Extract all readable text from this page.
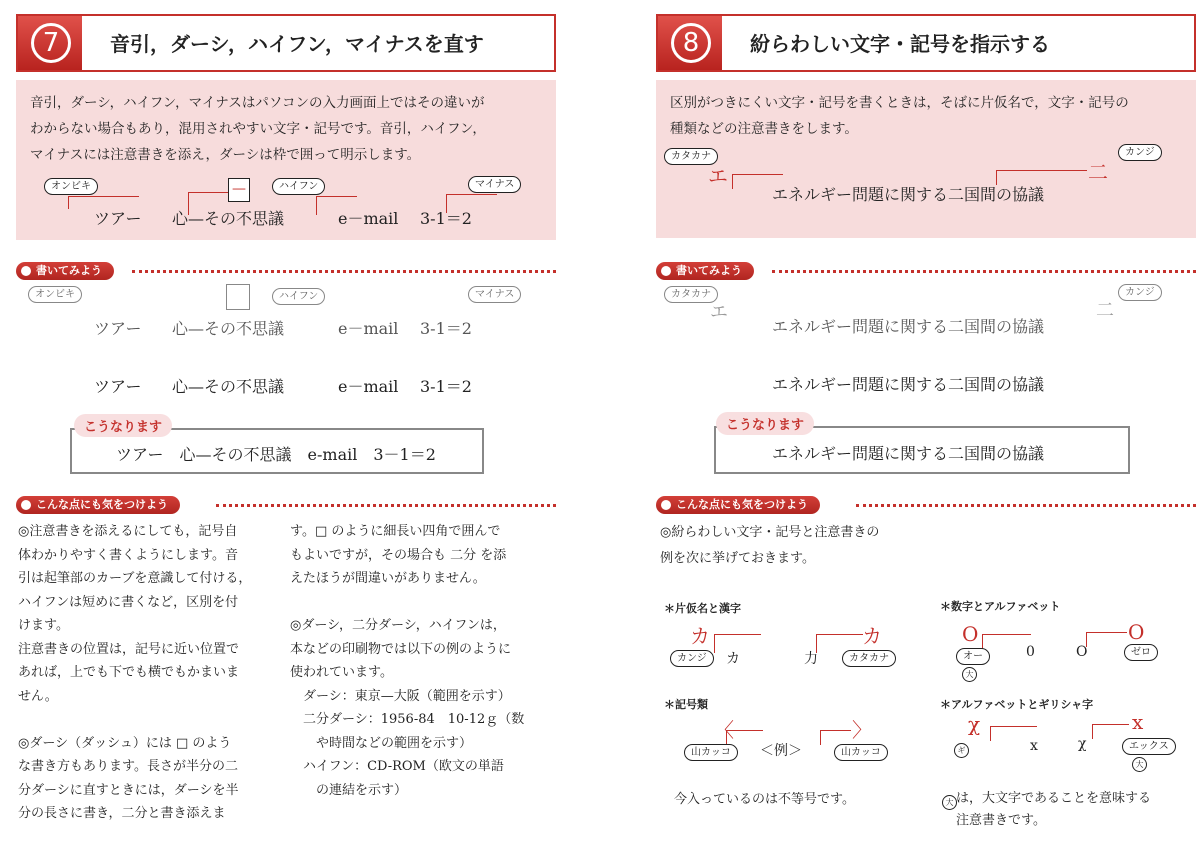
7	音引，ダーシ，ハイフン，マイナスを直す

音引，ダーシ，ハイフン，マイナスはパソコンの入力画面上ではその違いが
わからない場合もあり，混用されやすい文字・記号です。音引，ハイフン，
マイナスには注意書きを添え，ダーシは枠で囲って明示します。

オンビキ	—	ハイフン	マイナス
ツアー 心—その不思議	e－mail 3-1＝2
書いてみよう
オンビキ	ハイフン	マイナス
ツアー 心—その不思議	e－mail 3-1＝2
ツアー 心—その不思議	e－mail 3-1＝2
ツアー　心—その不思議　e-mail　3－1＝2
こうなります
こんな点にも気をつけよう
◎注意書きを添えるにしても，記号自
体わかりやすく書くようにします。音
引は起筆部のカーブを意識して付ける，
ハイフンは短めに書くなど，区別を付
けます。
注意書きの位置は，記号に近い位置で
あれば，上でも下でも横でもかまいま
せん。

◎ダーシ（ダッシュ）には □ のよう
な書き方もあります。長さが半分の二
分ダーシに直すときには，ダーシを半
分の長さに書き，二分と書き添えま
す。□ のように細長い四角で囲んで
もよいですが，その場合も 二分 を添
えたほうが間違いがありません。

◎ダーシ，二分ダーシ，ハイフンは，
本などの印刷物では以下の例のように
使われています。
　ダーシ：東京—大阪（範囲を示す）
　二分ダーシ：1956-84　10-12ｇ（数
　　や時間などの範囲を示す）
　ハイフン：CD-ROM（欧文の単語
　　の連結を示す）
8	紛らわしい文字・記号を指示する

区別がつきにくい文字・記号を書くときは，そばに片仮名で，文字・記号の
種類などの注意書きをします。

カタカナ
エ
カンジ
二
エネルギー問題に関する二国間の協議
書いてみよう
カタカナ
エ
カンジ
二
エネルギー問題に関する二国間の協議
エネルギー問題に関する二国間の協議
エネルギー問題に関する二国間の協議
こうなります
こんな点にも気をつけよう
◎紛らわしい文字・記号と注意書きの
例を次に挙げておきます。
＊片仮名と漢字
カ
カンジ	カ	力
カ
カタカナ
＊数字とアルファベット
O
オー
大
0	O
O
ゼロ
＊記号類
〈
山カッコ	＜例＞
〉
山カッコ
今入っているのは不等号です。
＊アルファベットとギリシャ字
χ
ギ	x	χ
x
エックス
大
大 は，大文字であることを意味する
注意書きです。
